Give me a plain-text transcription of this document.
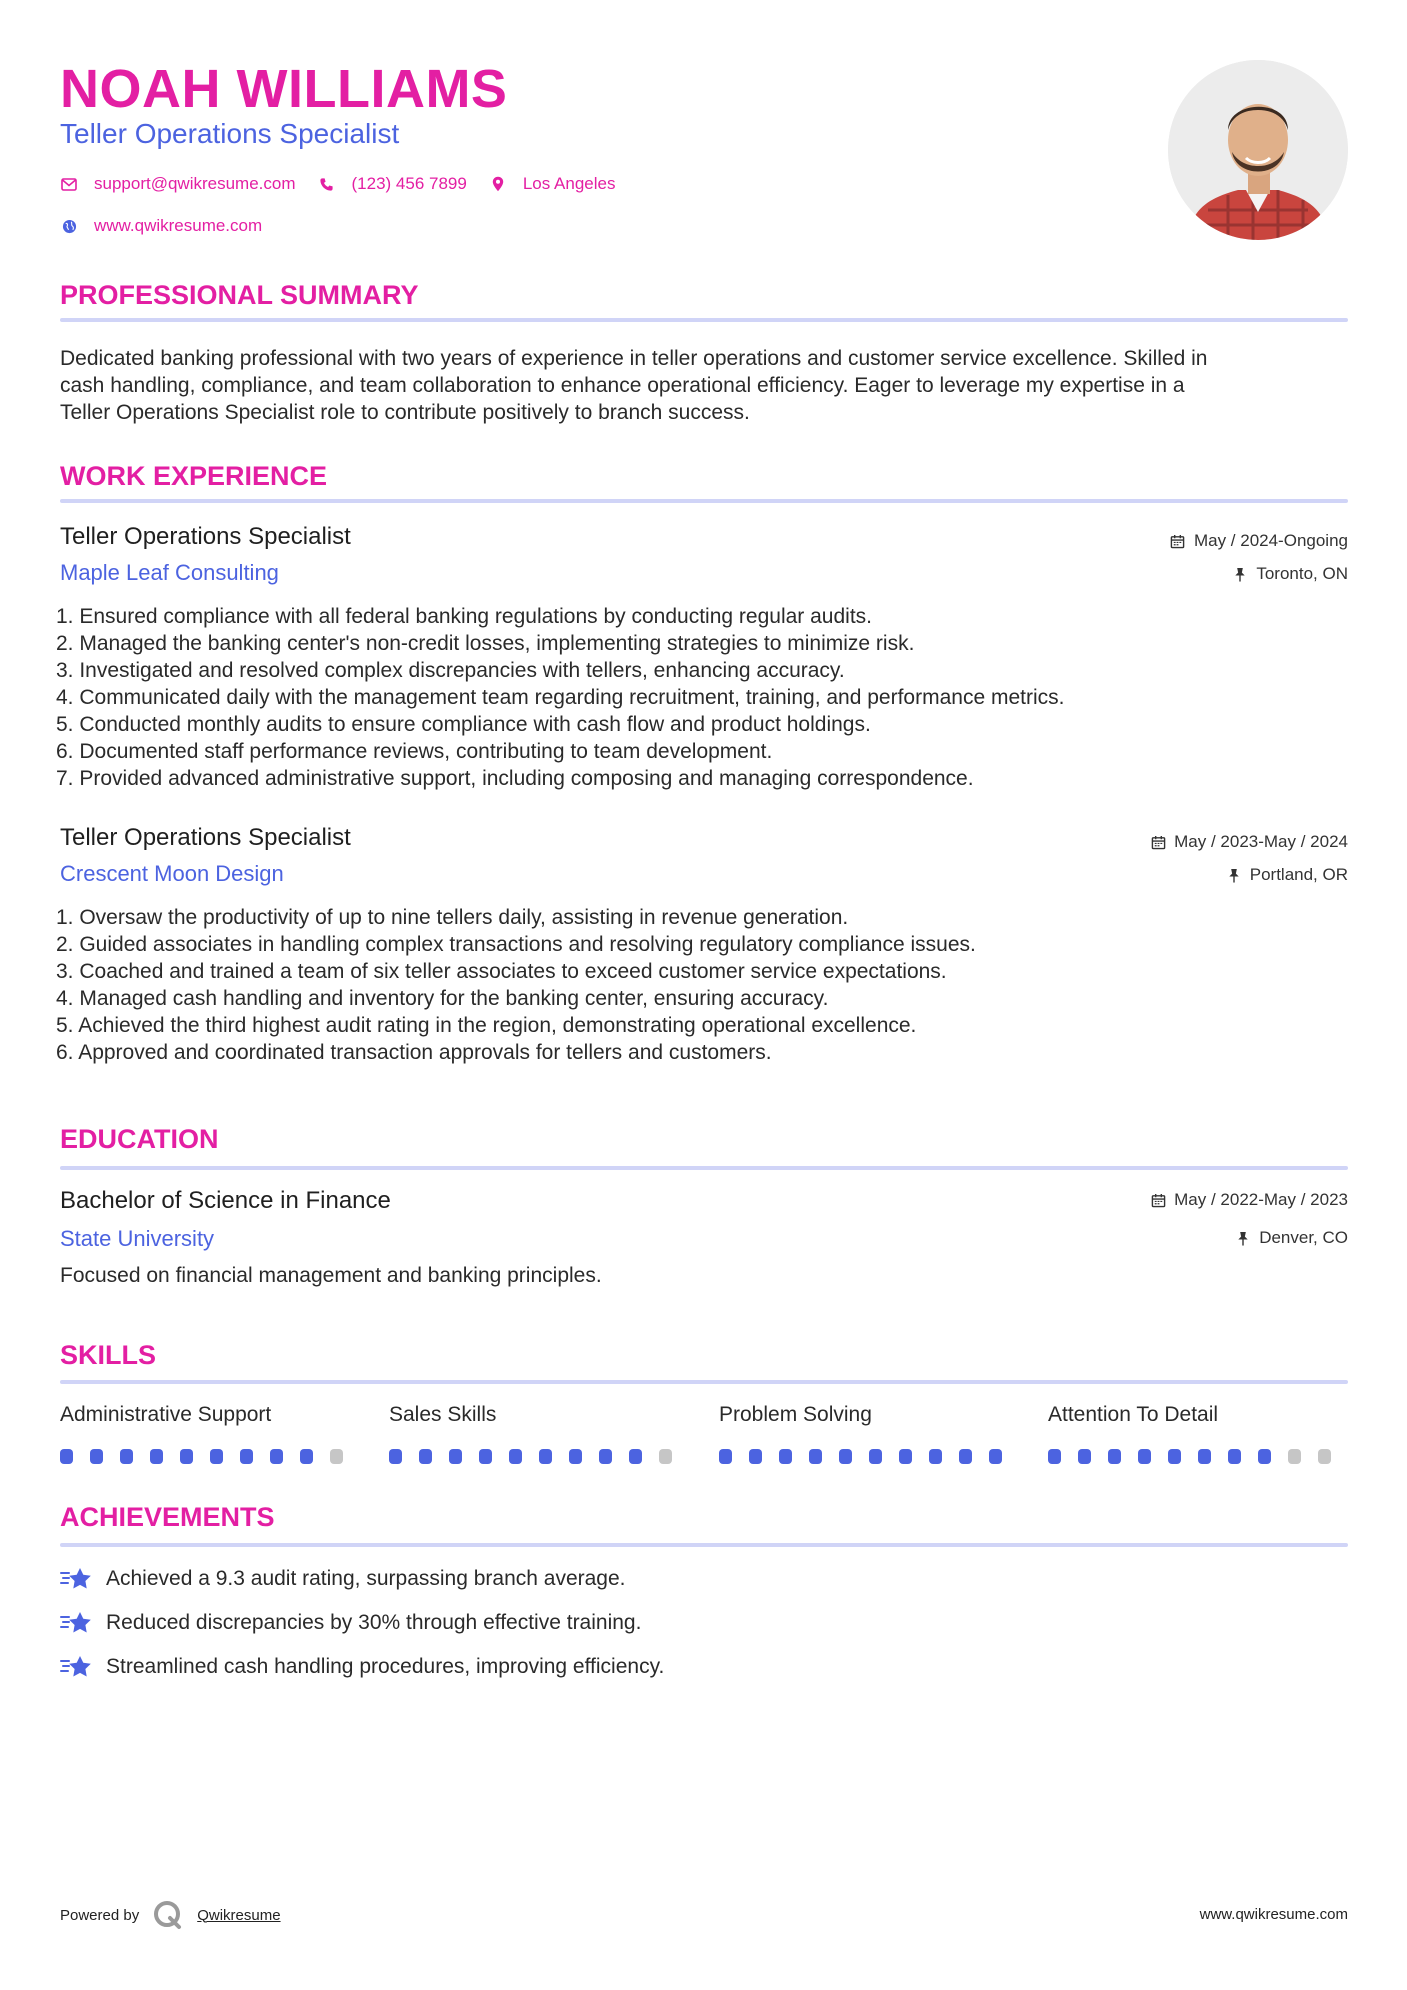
NOAH WILLIAMS
Teller Operations Specialist
support@qwikresume.com	(123) 456 7899	Los Angeles
www.qwikresume.com
PROFESSIONAL SUMMARY
Dedicated banking professional with two years of experience in teller operations and customer service excellence. Skilled in
cash handling, compliance, and team collaboration to enhance operational efficiency. Eager to leverage my expertise in a
Teller Operations Specialist role to contribute positively to branch success.
WORK EXPERIENCE
Teller Operations Specialist
Maple Leaf Consulting
May / 2024-Ongoing
Toronto, ON
1. Ensured compliance with all federal banking regulations by conducting regular audits.
2. Managed the banking center's non-credit losses, implementing strategies to minimize risk.
3. Investigated and resolved complex discrepancies with tellers, enhancing accuracy.
4. Communicated daily with the management team regarding recruitment, training, and performance metrics.
5. Conducted monthly audits to ensure compliance with cash flow and product holdings.
6. Documented staff performance reviews, contributing to team development.
7. Provided advanced administrative support, including composing and managing correspondence.
Teller Operations Specialist
Crescent Moon Design
May / 2023-May / 2024
Portland, OR
1. Oversaw the productivity of up to nine tellers daily, assisting in revenue generation.
2. Guided associates in handling complex transactions and resolving regulatory compliance issues.
3. Coached and trained a team of six teller associates to exceed customer service expectations.
4. Managed cash handling and inventory for the banking center, ensuring accuracy.
5. Achieved the third highest audit rating in the region, demonstrating operational excellence.
6. Approved and coordinated transaction approvals for tellers and customers.
EDUCATION
Bachelor of Science in Finance
State University
May / 2022-May / 2023
Denver, CO
Focused on financial management and banking principles.
SKILLS
Administrative Support	Sales Skills	Problem Solving	Attention To Detail
ACHIEVEMENTS
Achieved a 9.3 audit rating, surpassing branch average.
Reduced discrepancies by 30% through effective training.
Streamlined cash handling procedures, improving efficiency.
Powered by	Qwikresume	www.qwikresume.com
